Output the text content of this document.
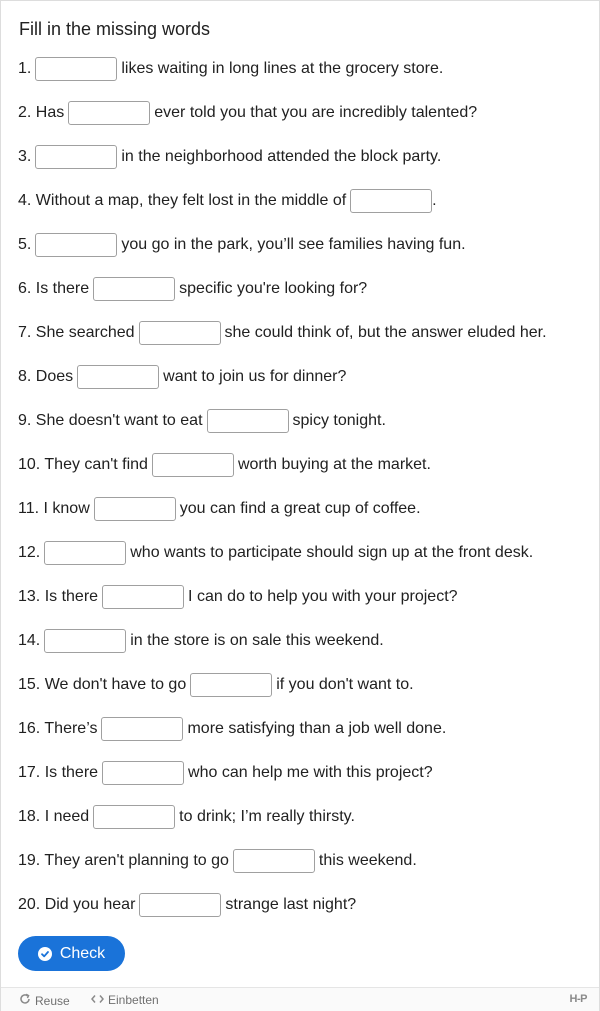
Fill in the missing words
1.	likes waiting in long lines at the grocery store.
2. Has	ever told you that you are incredibly talented?
3.	in the neighborhood attended the block party.
4. Without a map, they felt lost in the middle of	.
5.	you go in the park, you’ll see families having fun.
6. Is there	specific you're looking for?
7. She searched	she could think of, but the answer eluded her.
8. Does	want to join us for dinner?
9. She doesn't want to eat	spicy tonight.
10. They can't find	worth buying at the market.
11. I know	you can find a great cup of coffee.
12.	who wants to participate should sign up at the front desk.
13. Is there	I can do to help you with your project?
14.	in the store is on sale this weekend.
15. We don't have to go	if you don't want to.
16. There’s	more satisfying than a job well done.
17. Is there	who can help me with this project?
18. I need	to drink; I’m really thirsty.
19. They aren't planning to go	this weekend.
20. Did you hear	strange last night?
Check
Reuse	Einbetten	H-P
